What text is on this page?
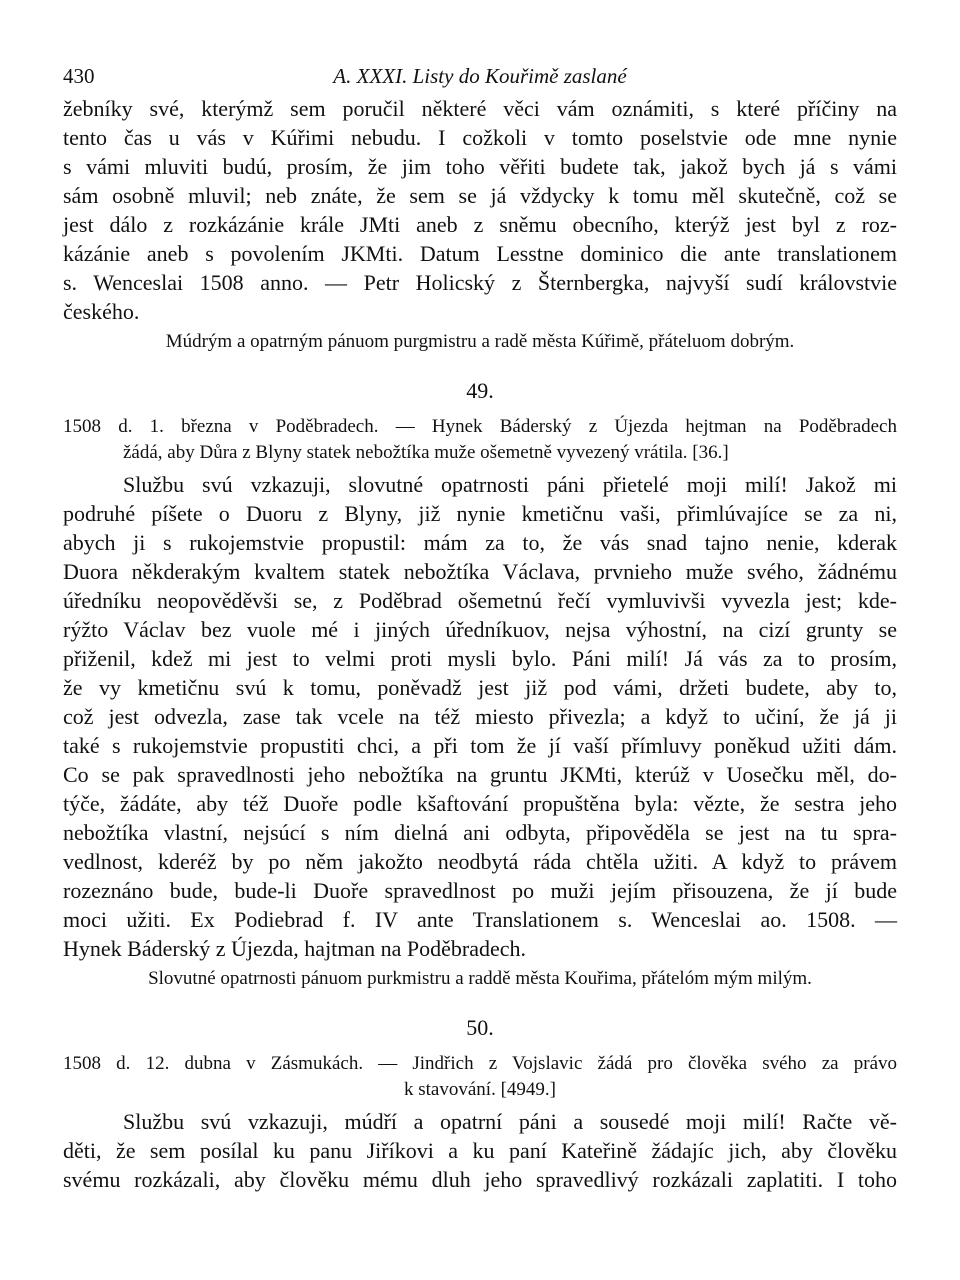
430	A. XXXI. Listy do Kouřimě zaslané
žebníky své, kterýmž sem poručil některé věci vám oznámiti, s které příčiny na
tento čas u vás v Kúřimi nebudu. I cožkoli v tomto poselstvie ode mne nynie
s vámi mluviti budú, prosím, že jim toho věřiti budete tak, jakož bych já s vámi
sám osobně mluvil; neb znáte, že sem se já vždycky k tomu měl skutečně, což se
jest dálo z rozkázánie krále JMti aneb z sněmu obecního, kterýž jest byl z roz-
kázánie aneb s povolením JKMti. Datum Lesstne dominico die ante translationem
s. Wenceslai 1508 anno. — Petr Holicský z Šternbergka, najvyší sudí královstvie
českého.
Múdrým a opatrným pánuom purgmistru a radě města Kúřimě, přáteluom dobrým.
49.
1508 d. 1. března v Poděbradech. — Hynek Báderský z Újezda hejtman na Poděbradech
žádá, aby Důra z Blyny statek nebožtíka muže ošemetně vyvezený vrátila. [36.]
Službu svú vzkazuji, slovutné opatrnosti páni přietelé moji milí! Jakož mi
podruhé píšete o Duoru z Blyny, již nynie kmetičnu vaši, přimlúvajíce se za ni,
abych ji s rukojemstvie propustil: mám za to, že vás snad tajno nenie, kderak
Duora někderakým kvaltem statek nebožtíka Václava, prvnieho muže svého, žádnému
úředníku neopověděvši se, z Poděbrad ošemetnú řečí vymluvivši vyvezla jest; kde-
rýžto Václav bez vuole mé i jiných úředníkuov, nejsa výhostní, na cizí grunty se
přiženil, kdež mi jest to velmi proti mysli bylo. Páni milí! Já vás za to prosím,
že vy kmetičnu svú k tomu, poněvadž jest již pod vámi, držeti budete, aby to,
což jest odvezla, zase tak vcele na též miesto přivezla; a když to učiní, že já ji
také s rukojemstvie propustiti chci, a při tom že jí vaší přímluvy poněkud užiti dám.
Co se pak spravedlnosti jeho nebožtíka na gruntu JKMti, kterúž v Uosečku měl, do-
týče, žádáte, aby též Duoře podle kšaftování propuštěna byla: vězte, že sestra jeho
nebožtíka vlastní, nejsúcí s ním dielná ani odbyta, připověděla se jest na tu spra-
vedlnost, kderéž by po něm jakožto neodbytá ráda chtěla užiti. A když to právem
rozeznáno bude, bude-li Duoře spravedlnost po muži jejím přisouzena, že jí bude
moci užiti. Ex Podiebrad f. IV ante Translationem s. Wenceslai ao. 1508. —
Hynek Báderský z Újezda, hajtman na Poděbradech.
Slovutné opatrnosti pánuom purkmistru a raddě města Kouřima, přátelóm mým milým.
50.
1508 d. 12. dubna v Zásmukách. — Jindřich z Vojslavic žádá pro člověka svého za právo
k stavování. [4949.]
Službu svú vzkazuji, múdří a opatrní páni a sousedé moji milí! Račte vě-
děti, že sem posílal ku panu Jiříkovi a ku paní Kateřině žádajíc jich, aby člověku
svému rozkázali, aby člověku mému dluh jeho spravedlivý rozkázali zaplatiti. I toho
